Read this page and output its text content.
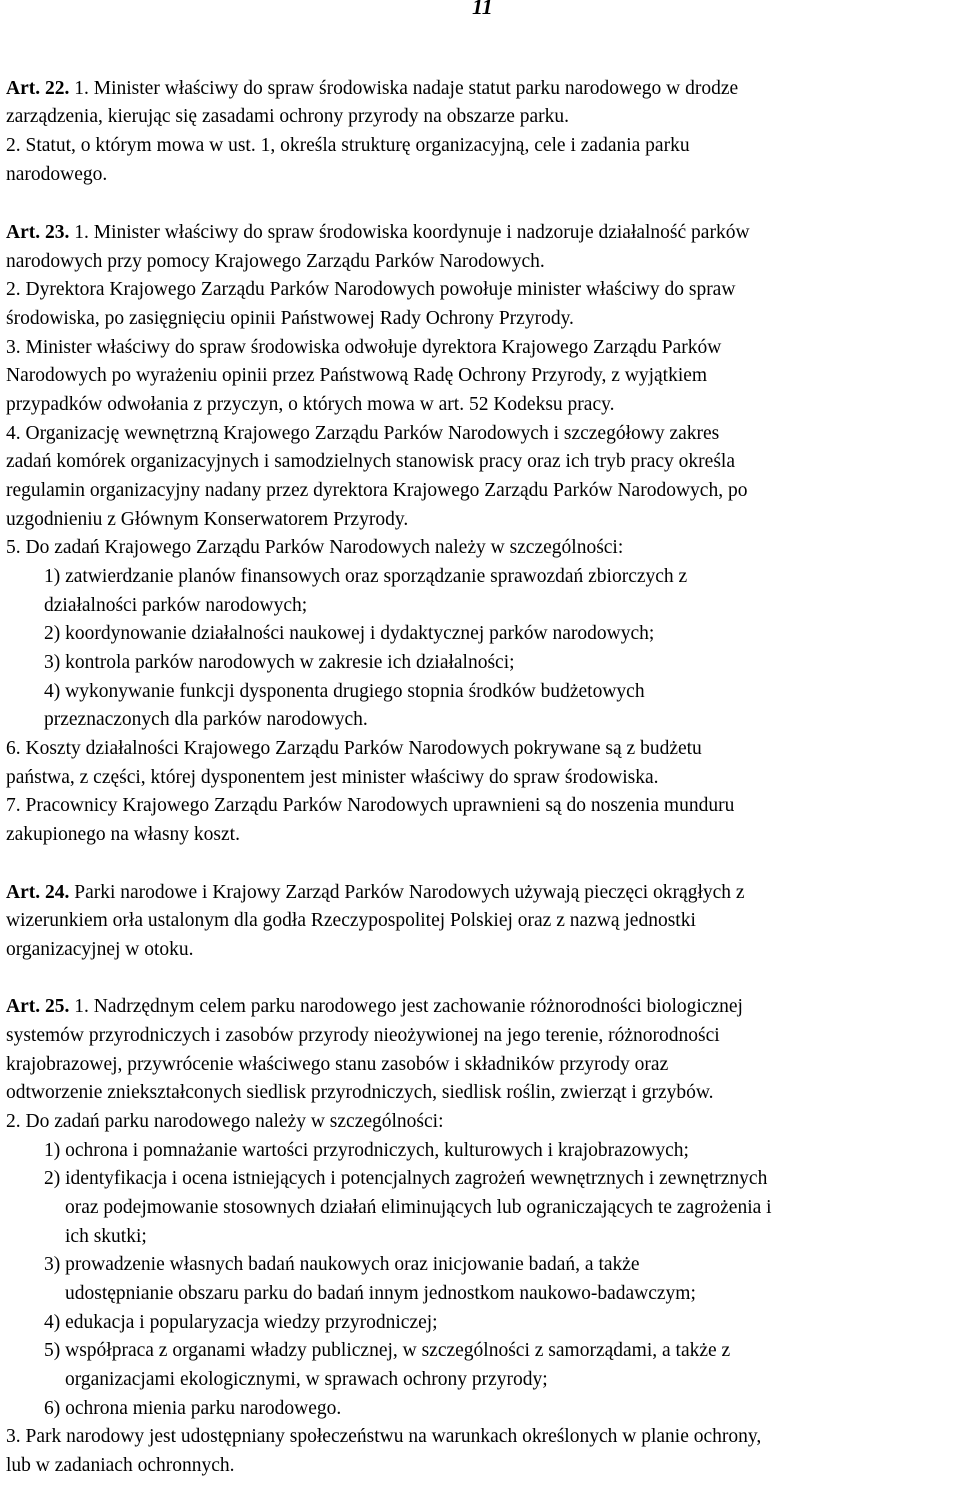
11
Art. 22. 1. Minister właściwy do spraw środowiska nadaje statut parku narodowego w drodze
zarządzenia, kierując się zasadami ochrony przyrody na obszarze parku.
2. Statut, o którym mowa w ust. 1, określa strukturę organizacyjną, cele i zadania parku
narodowego.
Art. 23. 1. Minister właściwy do spraw środowiska koordynuje i nadzoruje działalność parków
narodowych przy pomocy Krajowego Zarządu Parków Narodowych.
2. Dyrektora Krajowego Zarządu Parków Narodowych powołuje minister właściwy do spraw
środowiska, po zasięgnięciu opinii Państwowej Rady Ochrony Przyrody.
3. Minister właściwy do spraw środowiska odwołuje dyrektora Krajowego Zarządu Parków
Narodowych po wyrażeniu opinii przez Państwową Radę Ochrony Przyrody, z wyjątkiem
przypadków odwołania z przyczyn, o których mowa w art. 52 Kodeksu pracy.
4. Organizację wewnętrzną Krajowego Zarządu Parków Narodowych i szczegółowy zakres
zadań komórek organizacyjnych i samodzielnych stanowisk pracy oraz ich tryb pracy określa
regulamin organizacyjny nadany przez dyrektora Krajowego Zarządu Parków Narodowych, po
uzgodnieniu z Głównym Konserwatorem Przyrody.
5. Do zadań Krajowego Zarządu Parków Narodowych należy w szczególności:
1) zatwierdzanie planów finansowych oraz sporządzanie sprawozdań zbiorczych z
działalności parków narodowych;
2) koordynowanie działalności naukowej i dydaktycznej parków narodowych;
3) kontrola parków narodowych w zakresie ich działalności;
4) wykonywanie funkcji dysponenta drugiego stopnia środków budżetowych
przeznaczonych dla parków narodowych.
6. Koszty działalności Krajowego Zarządu Parków Narodowych pokrywane są z budżetu
państwa, z części, której dysponentem jest minister właściwy do spraw środowiska.
7. Pracownicy Krajowego Zarządu Parków Narodowych uprawnieni są do noszenia munduru
zakupionego na własny koszt.
Art. 24. Parki narodowe i Krajowy Zarząd Parków Narodowych używają pieczęci okrągłych z
wizerunkiem orła ustalonym dla godła Rzeczypospolitej Polskiej oraz z nazwą jednostki
organizacyjnej w otoku.
Art. 25. 1. Nadrzędnym celem parku narodowego jest zachowanie różnorodności biologicznej
systemów przyrodniczych i zasobów przyrody nieożywionej na jego terenie, różnorodności
krajobrazowej, przywrócenie właściwego stanu zasobów i składników przyrody oraz
odtworzenie zniekształconych siedlisk przyrodniczych, siedlisk roślin, zwierząt i grzybów.
2. Do zadań parku narodowego należy w szczególności:
1) ochrona i pomnażanie wartości przyrodniczych, kulturowych i krajobrazowych;
2) identyfikacja i ocena istniejących i potencjalnych zagrożeń wewnętrznych i zewnętrznych
oraz podejmowanie stosownych działań eliminujących lub ograniczających te zagrożenia i
ich skutki;
3) prowadzenie własnych badań naukowych oraz inicjowanie badań, a także
udostępnianie obszaru parku do badań innym jednostkom naukowo-badawczym;
4) edukacja i popularyzacja wiedzy przyrodniczej;
5) współpraca z organami władzy publicznej, w szczególności z samorządami, a także z
organizacjami ekologicznymi, w sprawach ochrony przyrody;
6) ochrona mienia parku narodowego.
3. Park narodowy jest udostępniany społeczeństwu na warunkach określonych w planie ochrony,
lub w zadaniach ochronnych.
